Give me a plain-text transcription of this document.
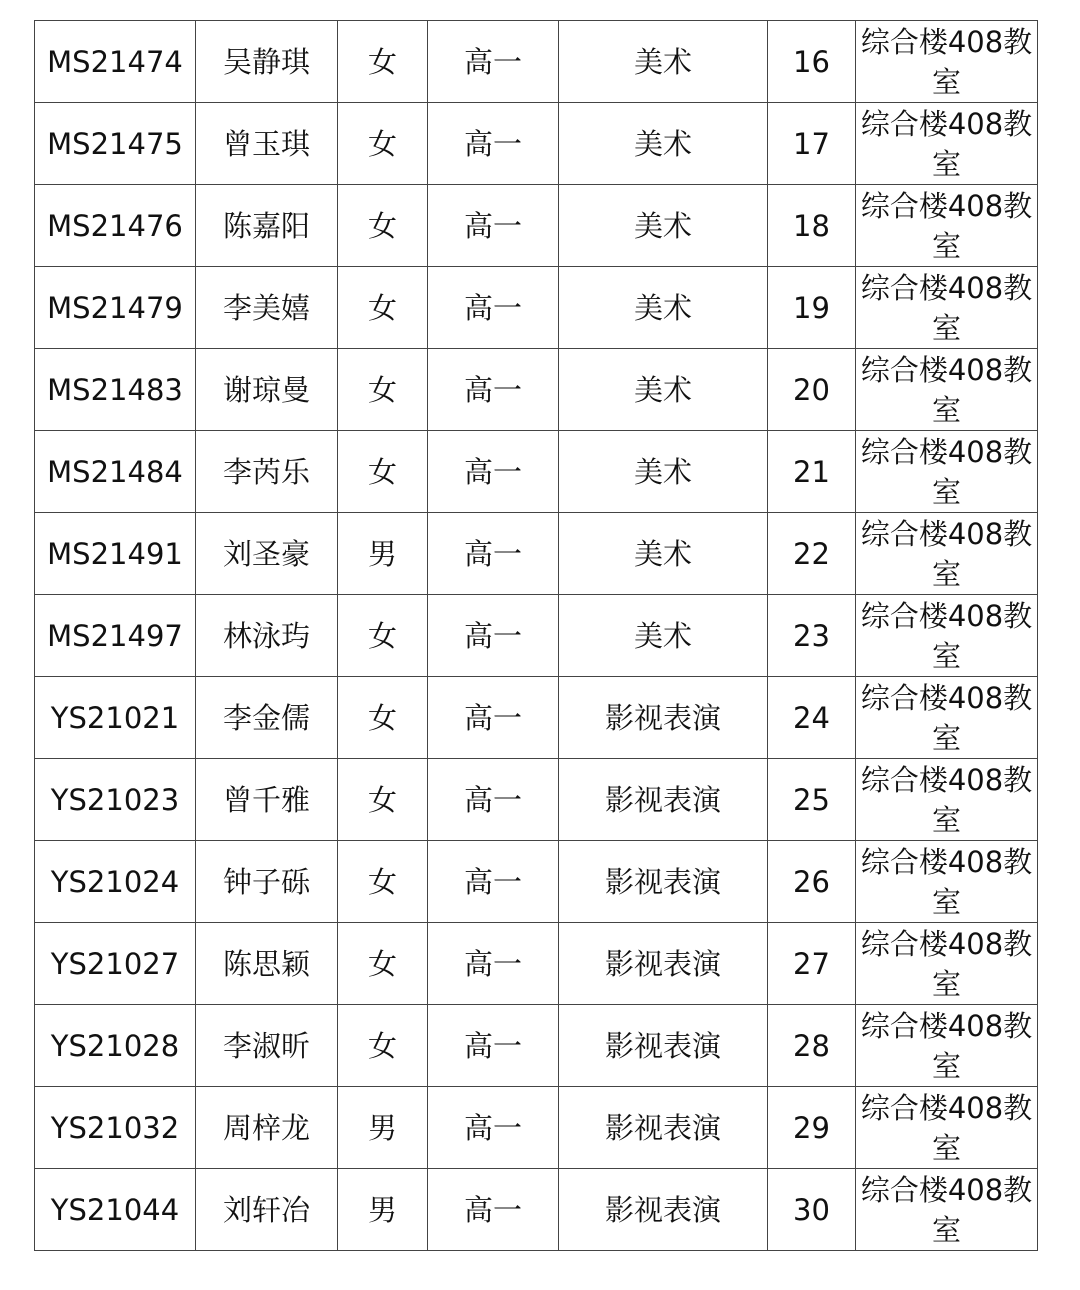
MS21474	吴静琪	女	高一	美术	16	综合楼408教室
MS21475	曾玉琪	女	高一	美术	17	综合楼408教室
MS21476	陈嘉阳	女	高一	美术	18	综合楼408教室
MS21479	李美嬉	女	高一	美术	19	综合楼408教室
MS21483	谢琼曼	女	高一	美术	20	综合楼408教室
MS21484	李芮乐	女	高一	美术	21	综合楼408教室
MS21491	刘圣豪	男	高一	美术	22	综合楼408教室
MS21497	林泳玙	女	高一	美术	23	综合楼408教室
YS21021	李金儒	女	高一	影视表演	24	综合楼408教室
YS21023	曾千雅	女	高一	影视表演	25	综合楼408教室
YS21024	钟子砾	女	高一	影视表演	26	综合楼408教室
YS21027	陈思颖	女	高一	影视表演	27	综合楼408教室
YS21028	李淑昕	女	高一	影视表演	28	综合楼408教室
YS21032	周梓龙	男	高一	影视表演	29	综合楼408教室
YS21044	刘轩冶	男	高一	影视表演	30	综合楼408教室
